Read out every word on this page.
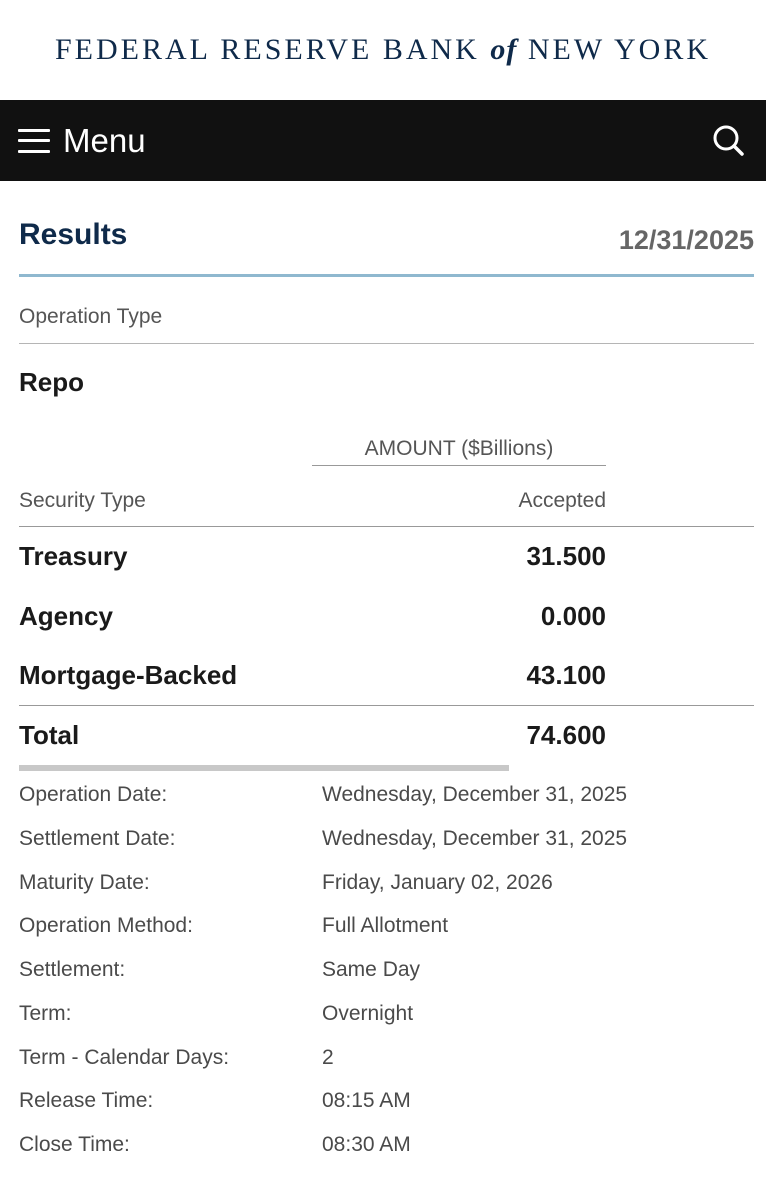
FEDERAL RESERVE BANK of NEW YORK
Menu
Results	12/31/2025
Operation Type
Repo
AMOUNT ($Billions)
Security Type	Accepted
Treasury	31.500
Agency	0.000
Mortgage-Backed	43.100
Total	74.600
Operation Date:	Wednesday, December 31, 2025
Settlement Date:	Wednesday, December 31, 2025
Maturity Date:	Friday, January 02, 2026
Operation Method:	Full Allotment
Settlement:	Same Day
Term:	Overnight
Term - Calendar Days:	2
Release Time:	08:15 AM
Close Time:	08:30 AM
